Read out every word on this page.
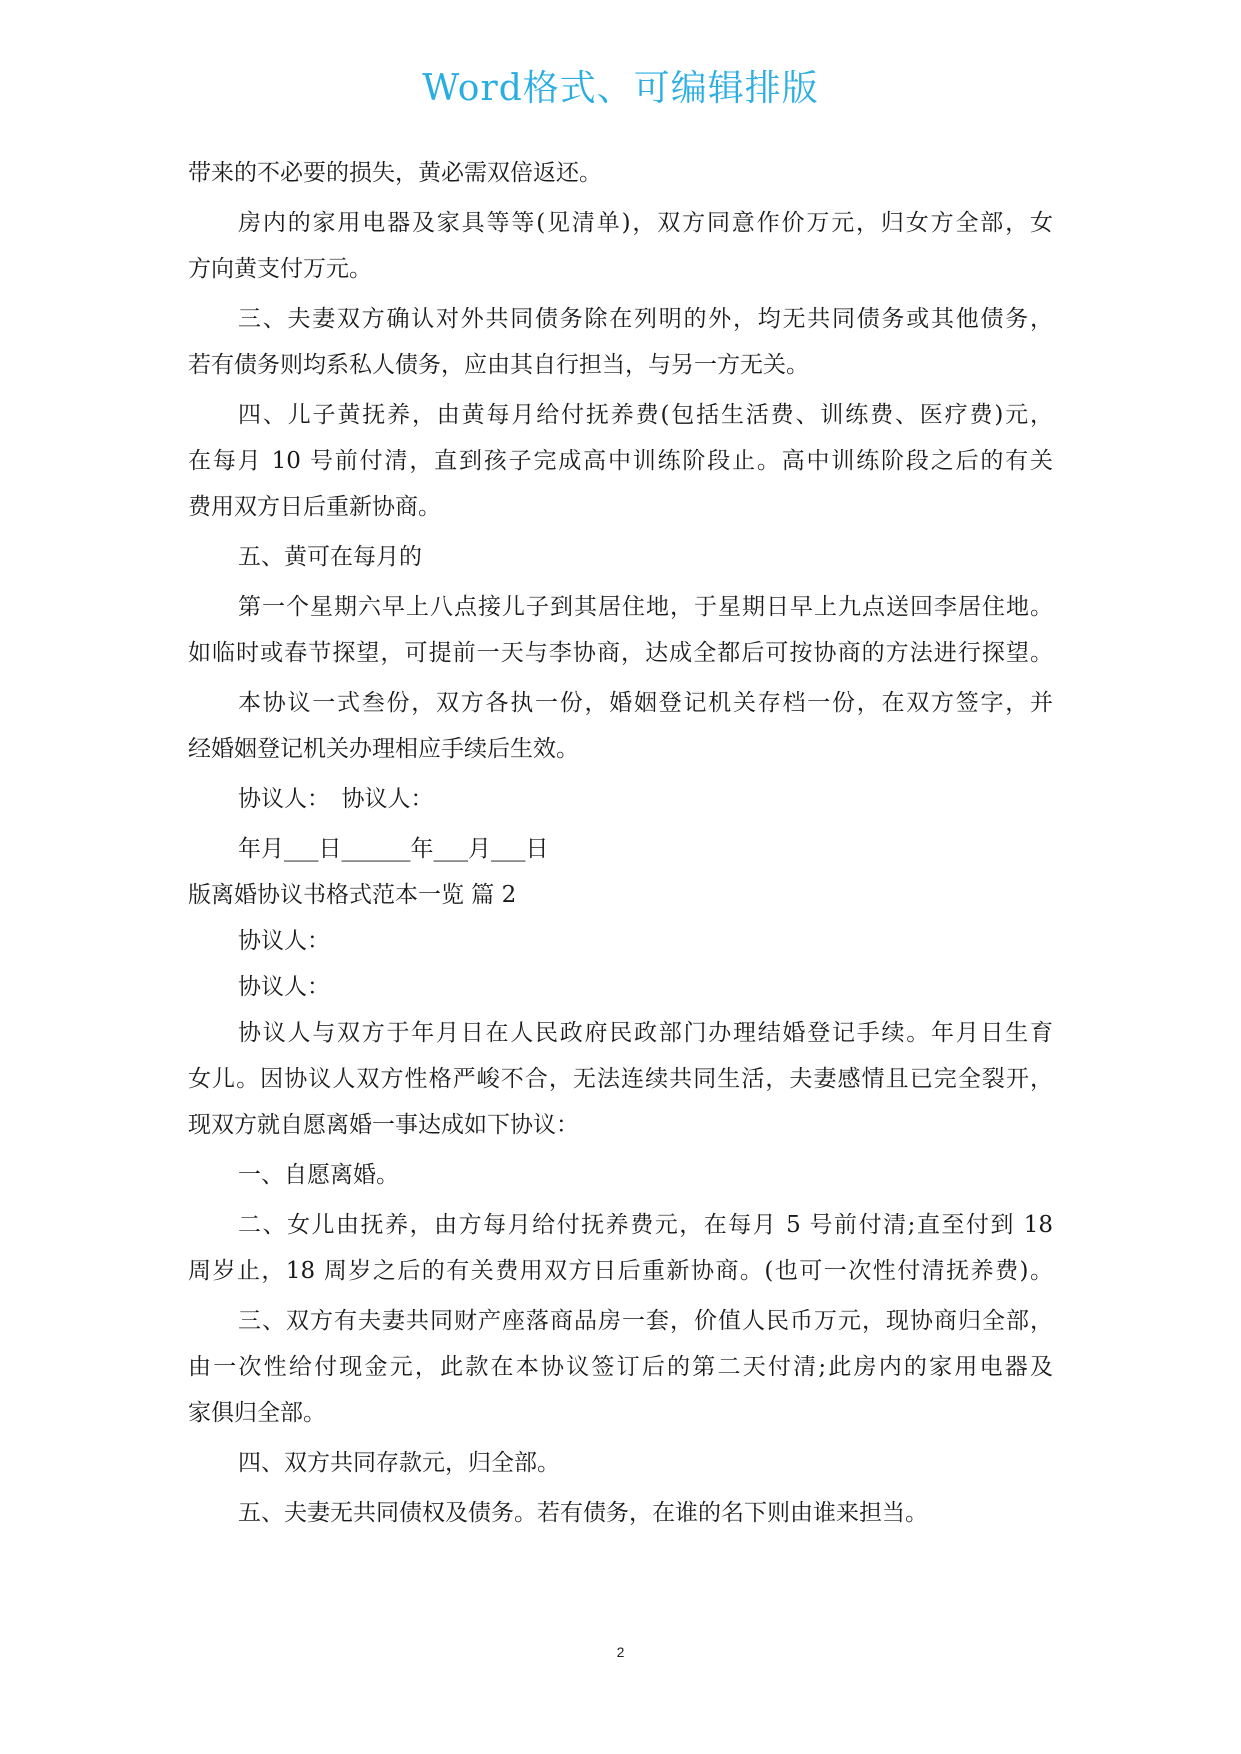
Word格式、可编辑排版

带来的不必要的损失，黄必需双倍返还。

房内的家用电器及家具等等(见清单)，双方同意作价万元，归女方全部，女

方向黄支付万元。

三、夫妻双方确认对外共同债务除在列明的外，均无共同债务或其他债务，

若有债务则均系私人债务，应由其自行担当，与另一方无关。

四、儿子黄抚养，由黄每月给付抚养费(包括生活费、训练费、医疗费)元，

在每月 10 号前付清，直到孩子完成高中训练阶段止。高中训练阶段之后的有关

费用双方日后重新协商。

五、黄可在每月的

第一个星期六早上八点接儿子到其居住地，于星期日早上九点送回李居住地。

如临时或春节探望，可提前一天与李协商，达成全都后可按协商的方法进行探望。

本协议一式叁份，双方各执一份，婚姻登记机关存档一份，在双方签字，并

经婚姻登记机关办理相应手续后生效。

协议人：　协议人：

年月___日______年___月___日

版离婚协议书格式范本一览 篇 2

协议人：

协议人：

协议人与双方于年月日在人民政府民政部门办理结婚登记手续。年月日生育

女儿。因协议人双方性格严峻不合，无法连续共同生活，夫妻感情且已完全裂开，

现双方就自愿离婚一事达成如下协议：

一、自愿离婚。

二、女儿由抚养，由方每月给付抚养费元，在每月 5 号前付清;直至付到 18

周岁止，18 周岁之后的有关费用双方日后重新协商。(也可一次性付清抚养费)。

三、双方有夫妻共同财产座落商品房一套，价值人民币万元，现协商归全部，

由一次性给付现金元，此款在本协议签订后的第二天付清;此房内的家用电器及

家俱归全部。

四、双方共同存款元，归全部。

五、夫妻无共同债权及债务。若有债务，在谁的名下则由谁来担当。

2
